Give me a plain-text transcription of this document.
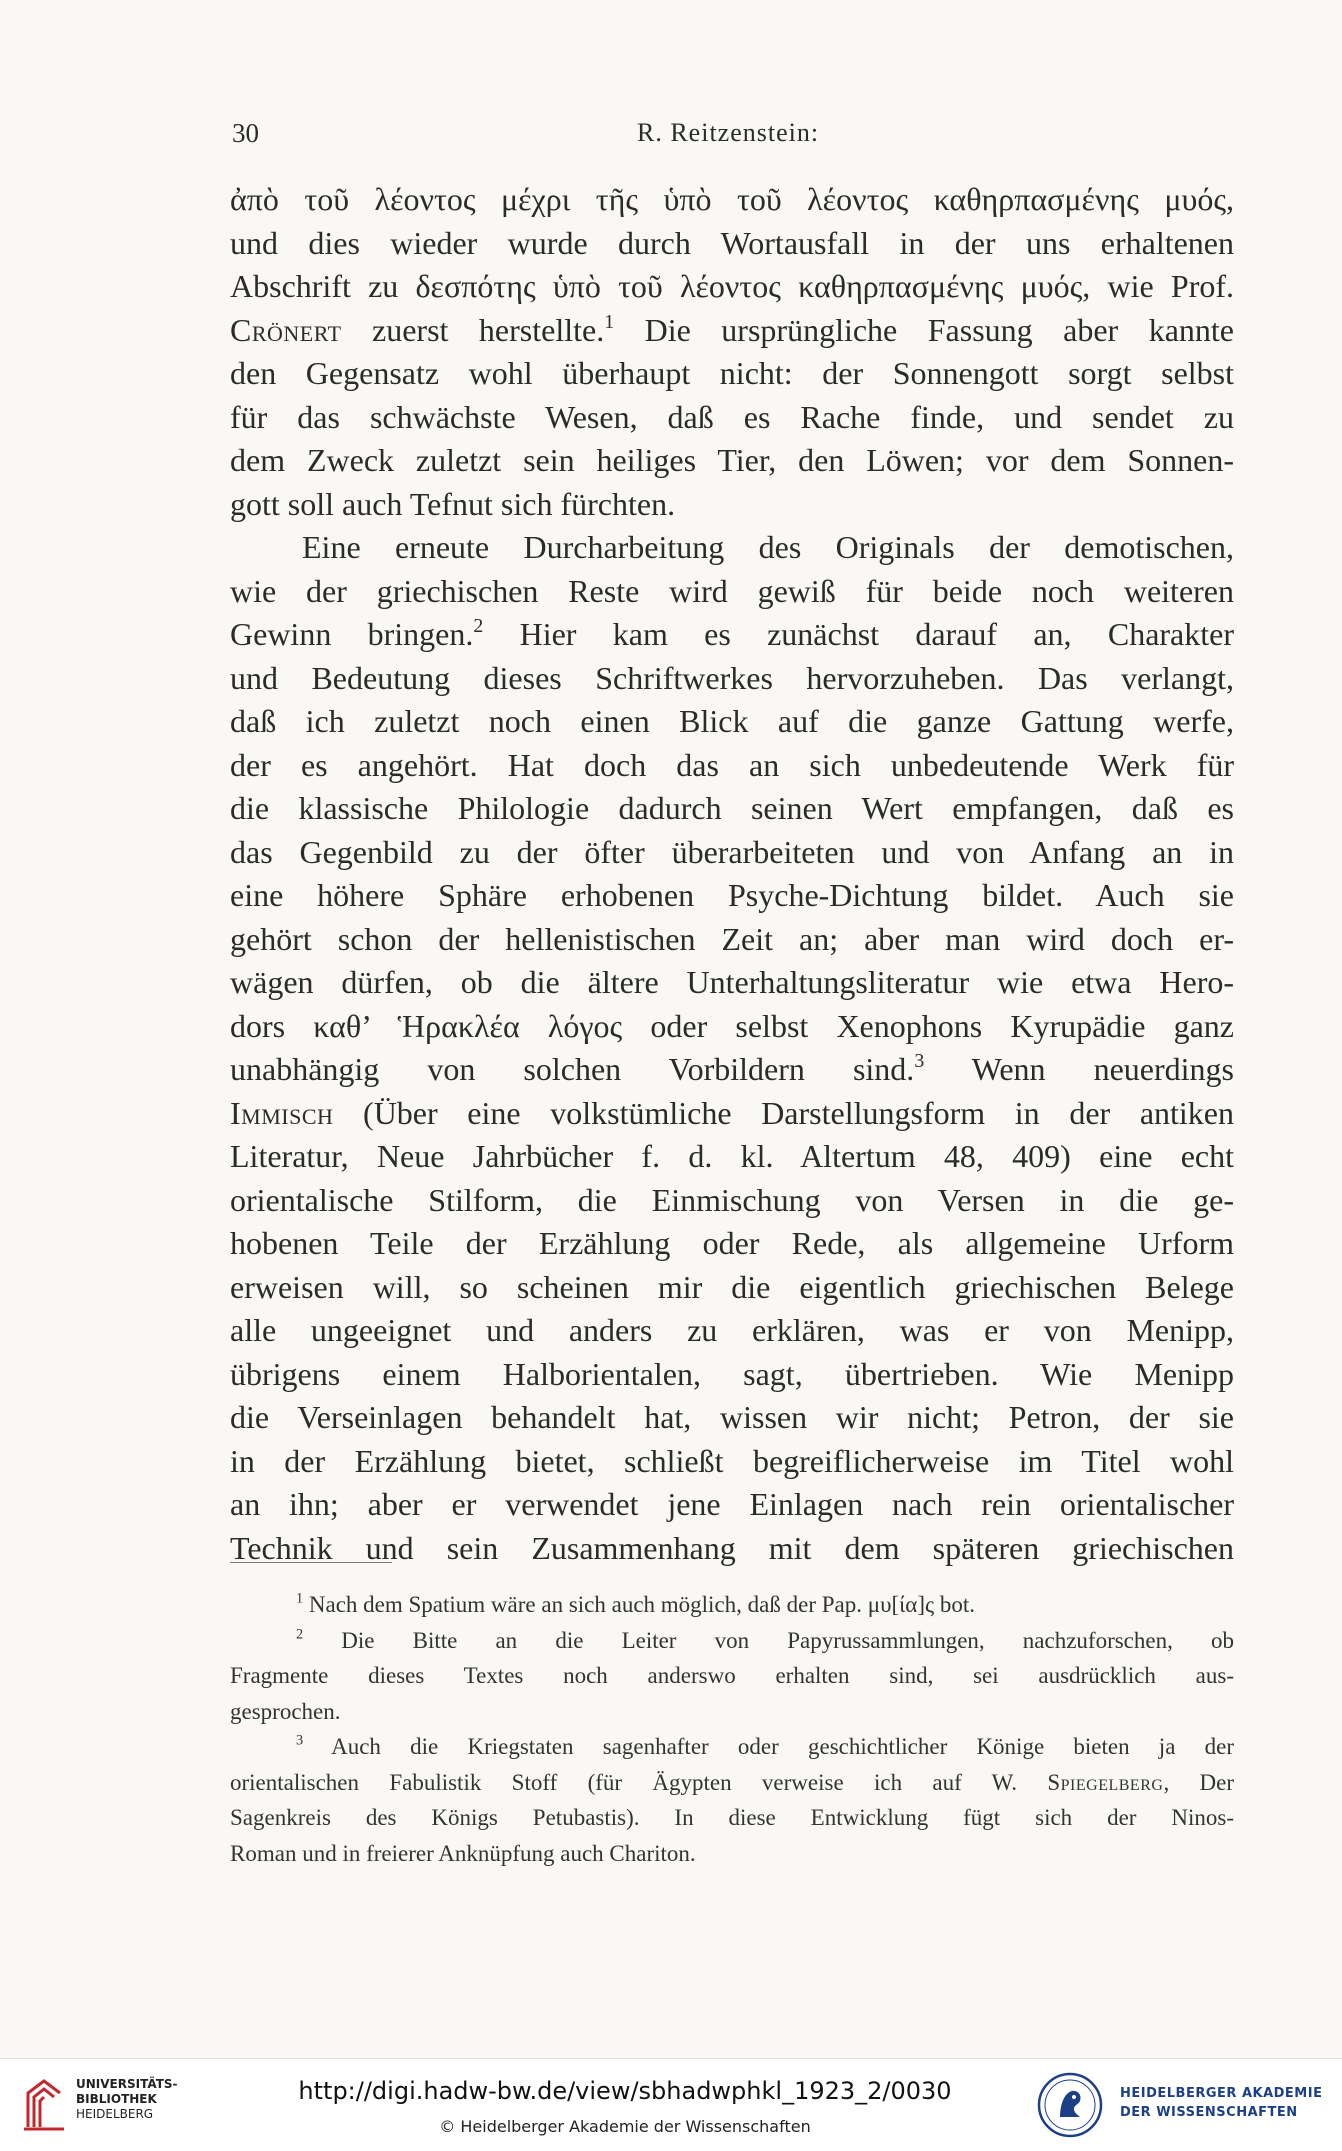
30	R. Reitzenstein:

ἀπὸ τοῦ λέοντος μέχρι τῆς ὑπὸ τοῦ λέοντος καθηρπασμένης μυός,
und dies wieder wurde durch Wortausfall in der uns erhaltenen
Abschrift zu δεσπότης ὑπὸ τοῦ λέοντος καθηρπασμένης μυός, wie Prof.
Crönert zuerst herstellte.$^1$ Die ursprüngliche Fassung aber kannte
den Gegensatz wohl überhaupt nicht: der Sonnengott sorgt selbst
für das schwächste Wesen, daß es Rache finde, und sendet zu
dem Zweck zuletzt sein heiliges Tier, den Löwen; vor dem Sonnen-
gott soll auch Tefnut sich fürchten.

Eine erneute Durcharbeitung des Originals der demotischen,
wie der griechischen Reste wird gewiß für beide noch weiteren
Gewinn bringen.$^2$ Hier kam es zunächst darauf an, Charakter
und Bedeutung dieses Schriftwerkes hervorzuheben. Das verlangt,
daß ich zuletzt noch einen Blick auf die ganze Gattung werfe,
der es angehört. Hat doch das an sich unbedeutende Werk für
die klassische Philologie dadurch seinen Wert empfangen, daß es
das Gegenbild zu der öfter überarbeiteten und von Anfang an in
eine höhere Sphäre erhobenen Psyche-Dichtung bildet. Auch sie
gehört schon der hellenistischen Zeit an; aber man wird doch er-
wägen dürfen, ob die ältere Unterhaltungsliteratur wie etwa Hero-
dors καθ’ Ἡρακλέα λόγος oder selbst Xenophons Kyrupädie ganz
unabhängig von solchen Vorbildern sind.$^3$ Wenn neuerdings
Immisch (Über eine volkstümliche Darstellungsform in der antiken
Literatur, Neue Jahrbücher f. d. kl. Altertum 48, 409) eine echt
orientalische Stilform, die Einmischung von Versen in die ge-
hobenen Teile der Erzählung oder Rede, als allgemeine Urform
erweisen will, so scheinen mir die eigentlich griechischen Belege
alle ungeeignet und anders zu erklären, was er von Menipp,
übrigens einem Halborientalen, sagt, übertrieben. Wie Menipp
die Verseinlagen behandelt hat, wissen wir nicht; Petron, der sie
in der Erzählung bietet, schließt begreiflicherweise im Titel wohl
an ihn; aber er verwendet jene Einlagen nach rein orientalischer
Technik und sein Zusammenhang mit dem späteren griechischen

$^1$ Nach dem Spatium wäre an sich auch möglich, daß der Pap. μυ[ία]ς bot.
$^2$ Die Bitte an die Leiter von Papyrussammlungen, nachzuforschen, ob
Fragmente dieses Textes noch anderswo erhalten sind, sei ausdrücklich aus-
gesprochen.
$^3$ Auch die Kriegstaten sagenhafter oder geschichtlicher Könige bieten ja der
orientalischen Fabulistik Stoff (für Ägypten verweise ich auf W. Spiegelberg, Der
Sagenkreis des Königs Petubastis). In diese Entwicklung fügt sich der Ninos-
Roman und in freierer Anknüpfung auch Chariton.
UNIVERSITÄTS-
BIBLIOTHEK
HEIDELBERG
http://digi.hadw-bw.de/view/sbhadwphkl_1923_2/0030
© Heidelberger Akademie der Wissenschaften
HEIDELBERGER AKADEMIE
DER WISSENSCHAFTEN
